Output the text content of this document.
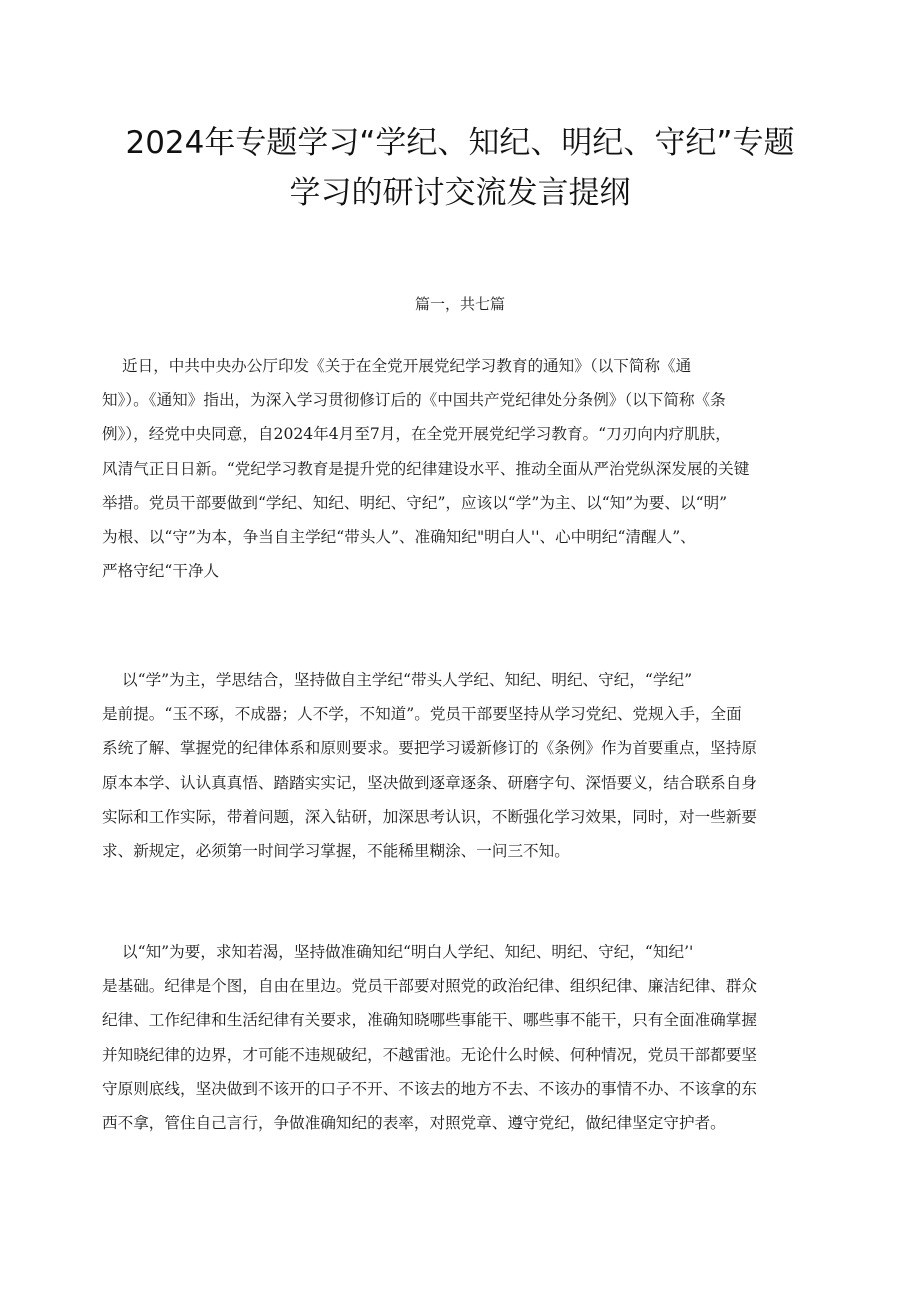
2024年专题学习“学纪、知纪、明纪、守纪”专题
学习的研讨交流发言提纲
篇一，共七篇

近日，中共中央办公厅印发《关于在全党开展党纪学习教育的通知》（以下简称《通
知》）。《通知》指出，为深入学习贯彻修订后的《中国共产党纪律处分条例》（以下简称《条
例》），经党中央同意，自2024年4月至7月，在全党开展党纪学习教育。“刀刃向内疗肌肤，
风清气正日日新。“党纪学习教育是提升党的纪律建设水平、推动全面从严治党纵深发展的关键
举措。党员干部要做到“学纪、知纪、明纪、守纪”，应该以“学”为主、以“知”为要、以“明”
为根、以“守”为本，争当自主学纪“带头人”、准确知纪"明白人''、心中明纪“清醒人”、
严格守纪“干净人

以“学”为主，学思结合，坚持做自主学纪“带头人学纪、知纪、明纪、守纪，“学纪”
是前提。“玉不琢，不成器；人不学，不知道”。党员干部要坚持从学习党纪、党规入手，全面
系统了解、掌握党的纪律体系和原则要求。要把学习谖新修订的《条例》作为首要重点，坚持原
原本本学、认认真真悟、踏踏实实记，坚决做到逐章逐条、研磨字句、深悟要义，结合联系自身
实际和工作实际，带着问题，深入钻研，加深思考认识，不断强化学习效果，同时，对一些新要
求、新规定，必须第一时间学习掌握，不能稀里糊涂、一问三不知。

以“知”为要，求知若渴，坚持做准确知纪“明白人学纪、知纪、明纪、守纪，“知纪’'
是基础。纪律是个图，自由在里边。党员干部要对照党的政治纪律、组织纪律、廉洁纪律、群众
纪律、工作纪律和生活纪律有关要求，准确知晓哪些事能干、哪些事不能干，只有全面准确掌握
并知晓纪律的边界，才可能不违规破纪，不越雷池。无论什么时候、何种情况，党员干部都要坚
守原则底线，坚决做到不该开的口子不开、不该去的地方不去、不该办的事情不办、不该拿的东
西不拿，管住自己言行，争做准确知纪的表率，对照党章、遵守党纪，做纪律坚定守护者。
